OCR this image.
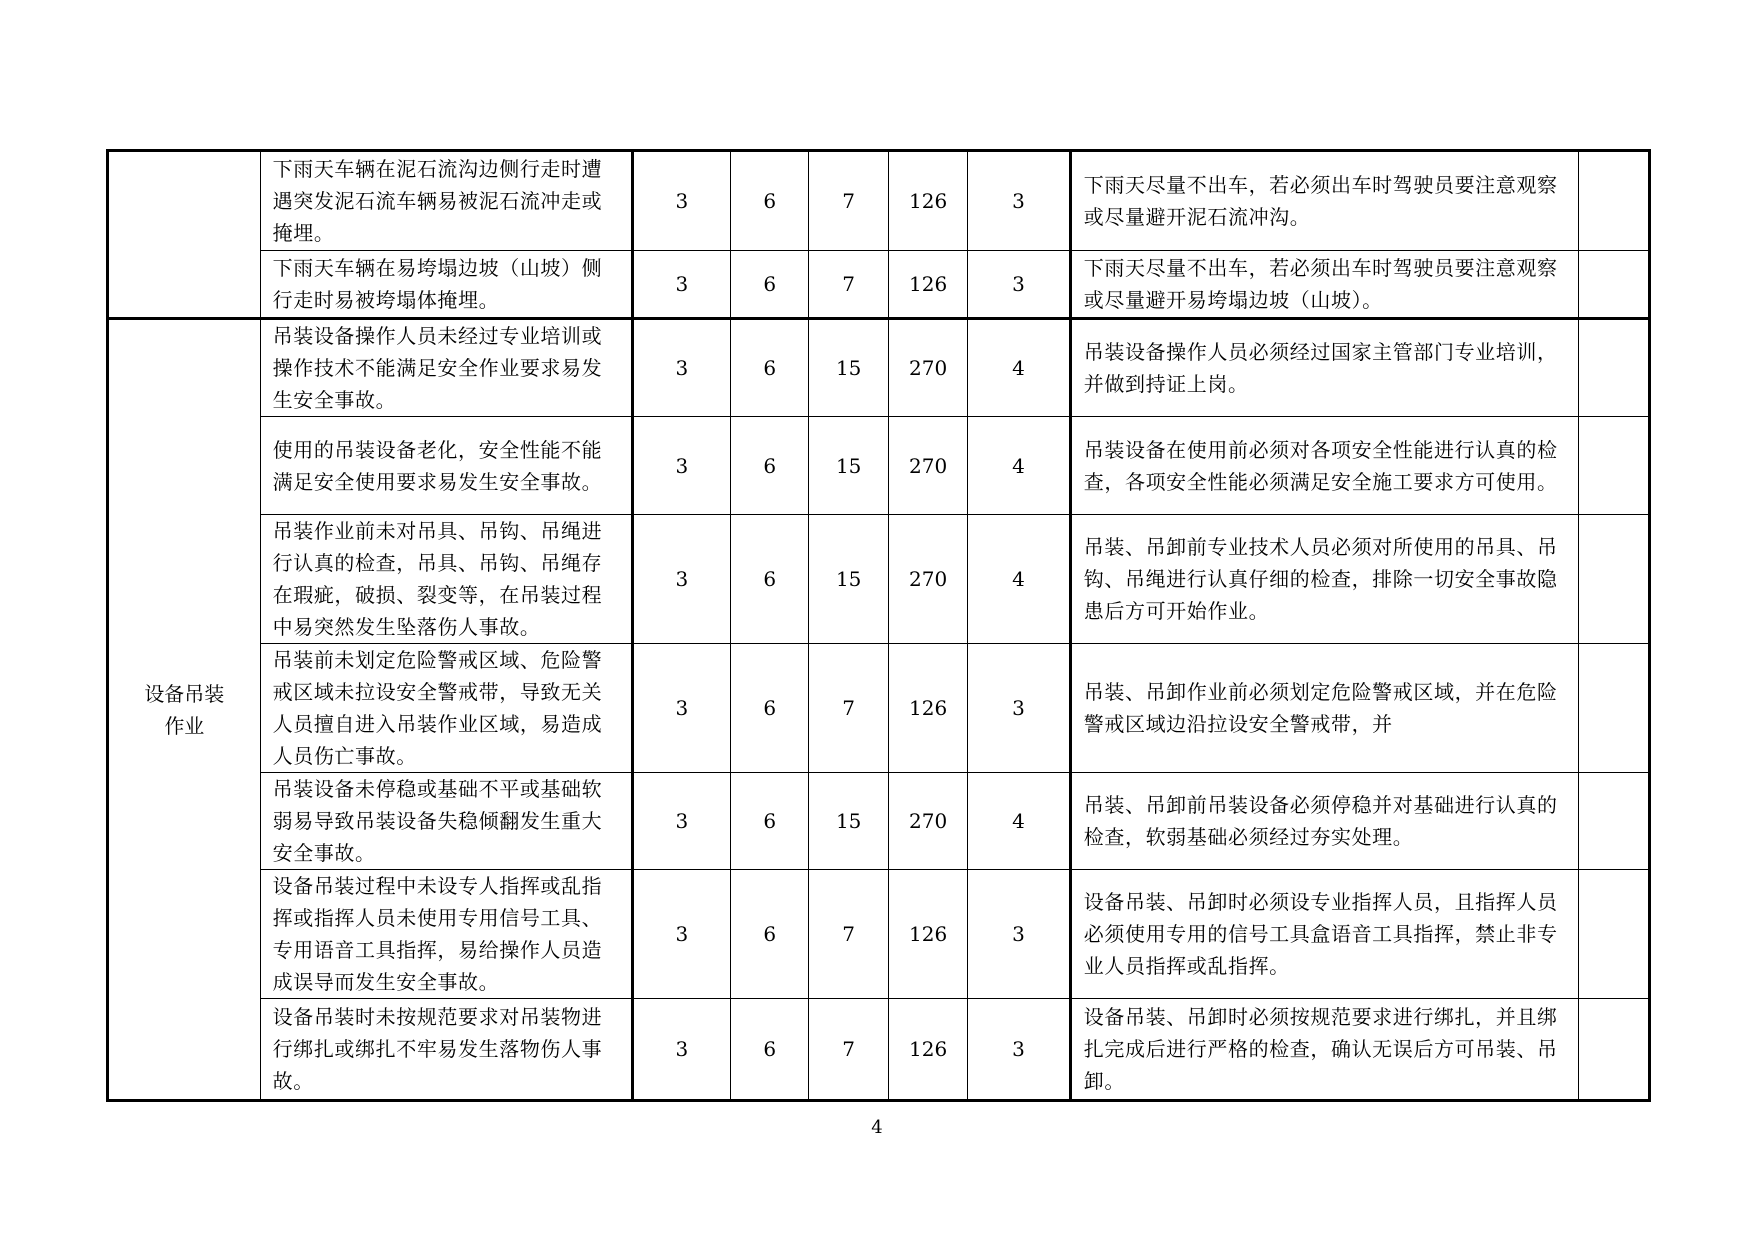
	下雨天车辆在泥石流沟边侧行走时遭遇突发泥石流车辆易被泥石流冲走或掩埋。	3	6	7	126	3	下雨天尽量不出车，若必须出车时驾驶员要注意观察或尽量避开泥石流冲沟。	
	下雨天车辆在易垮塌边坡（山坡）侧行走时易被垮塌体掩埋。	3	6	7	126	3	下雨天尽量不出车，若必须出车时驾驶员要注意观察或尽量避开易垮塌边坡（山坡）。	
设备吊装作业	吊装设备操作人员未经过专业培训或操作技术不能满足安全作业要求易发生安全事故。	3	6	15	270	4	吊装设备操作人员必须经过国家主管部门专业培训，并做到持证上岗。	
	使用的吊装设备老化，安全性能不能满足安全使用要求易发生安全事故。	3	6	15	270	4	吊装设备在使用前必须对各项安全性能进行认真的检查，各项安全性能必须满足安全施工要求方可使用。	
	吊装作业前未对吊具、吊钩、吊绳进行认真的检查，吊具、吊钩、吊绳存在瑕疵，破损、裂变等，在吊装过程中易突然发生坠落伤人事故。	3	6	15	270	4	吊装、吊卸前专业技术人员必须对所使用的吊具、吊钩、吊绳进行认真仔细的检查，排除一切安全事故隐患后方可开始作业。	
	吊装前未划定危险警戒区域、危险警戒区域未拉设安全警戒带，导致无关人员擅自进入吊装作业区域，易造成人员伤亡事故。	3	6	7	126	3	吊装、吊卸作业前必须划定危险警戒区域，并在危险警戒区域边沿拉设安全警戒带，并	
	吊装设备未停稳或基础不平或基础软弱易导致吊装设备失稳倾翻发生重大安全事故。	3	6	15	270	4	吊装、吊卸前吊装设备必须停稳并对基础进行认真的检查，软弱基础必须经过夯实处理。	
	设备吊装过程中未设专人指挥或乱指挥或指挥人员未使用专用信号工具、专用语音工具指挥，易给操作人员造成误导而发生安全事故。	3	6	7	126	3	设备吊装、吊卸时必须设专业指挥人员，且指挥人员必须使用专用的信号工具盒语音工具指挥，禁止非专业人员指挥或乱指挥。	
	设备吊装时未按规范要求对吊装物进行绑扎或绑扎不牢易发生落物伤人事故。	3	6	7	126	3	设备吊装、吊卸时必须按规范要求进行绑扎，并且绑扎完成后进行严格的检查，确认无误后方可吊装、吊卸。	
4
